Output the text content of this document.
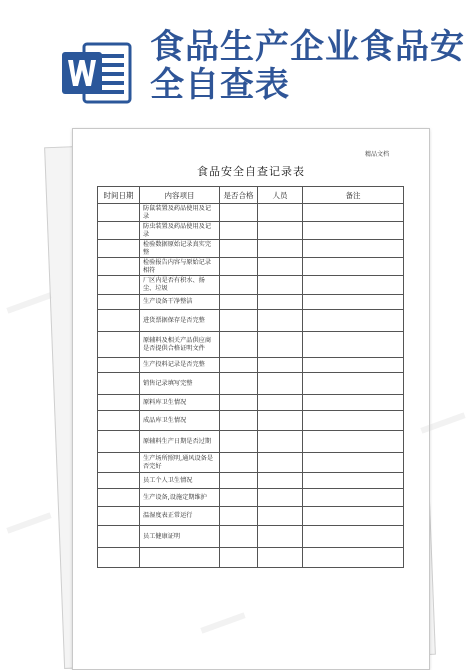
食品生产企业食品安全自查表
精品文档
食品安全自查记录表
时间日期	内容项目	是否合格	人员	备注
	防鼠装置及药品使用及记录			
	防虫装置及药品使用及记录			
	检验数据原始记录真实完整			
	检验报告内容与原始记录相符			
	厂区内是否有积水、扬尘、垃圾			
	生产设备干净整洁			
	进货票据保存是否完整			
	原辅料及相关产品供应商是否提供合格证明文件			
	生产投料记录是否完整			
	销售记录填写完整			
	原料库卫生情况			
	成品库卫生情况			
	原辅料生产日期是否过期			
	生产场所照明,通风设备是否完好			
	员工个人卫生情况			
	生产设备,设施定期维护			
	温湿度表正常运行			
	员工健康证明			
